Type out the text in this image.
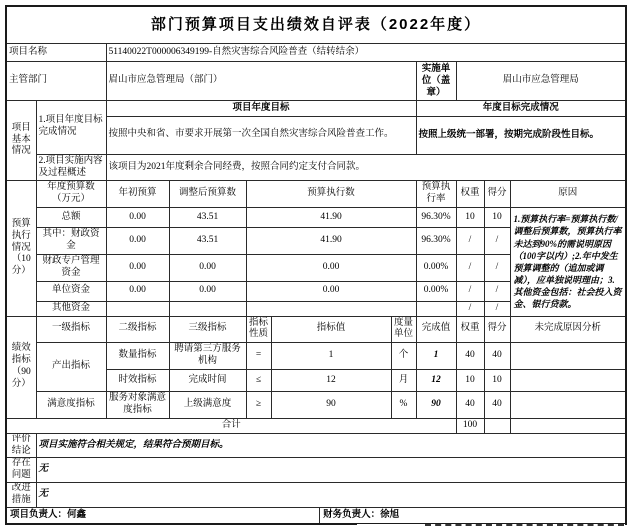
部门预算项目支出绩效自评表（2022年度）										
项目名称		51140022T000006349199-自然灾害综合风险普查（结转结余）								
主管部门		眉山市应急管理局（部门）					实施单位（盖章）	眉山市应急管理局		
项目基本情况	1.项目年度目标完成情况	项目年度目标					年度目标完成情况			
		按照中央和省、市要求开展第一次全国自然灾害综合风险普查工作。					按照上级统一部署，按期完成阶段性目标。			
	2.项目实施内容及过程概述	该项目为2021年度剩余合同经费，按照合同约定支付合同款。								
预算执行情况（10分）	年度预算数（万元）	年初预算	调整后预算数	预算执行数			预算执行率	权重	得分	原因
	总额	0.00	43.51	41.90			96.30%	10	10	1.预算执行率=预算执行数/调整后预算数，预算执行率未达到90%的需说明原因（100字以内）;2.年中发生预算调整的（追加或调减），应单独说明理由；3.其他资金包括：社会投入资金、银行贷款。
	其中：财政资金	0.00	43.51	41.90			96.30%	/	/	
	财政专户管理资金	0.00	0.00	0.00			0.00%	/	/	
	单位资金	0.00	0.00	0.00			0.00%	/	/	
	其他资金							/	/	
绩效指标（90分）	一级指标	二级指标	三级指标	指标性质	指标值	度量单位	完成值	权重	得分	未完成原因分析
	产出指标	数量指标	聘请第三方服务机构	=	1	个	1	40	40	
		时效指标	完成时间	≤	12	月	12	10	10	
	满意度指标	服务对象满意度指标	上级满意度	≥	90	%	90	40	40	
合计								100		
评价结论	项目实施符合相关规定，结果符合预期目标。									
存在问题	无									
改进措施	无									

项目负责人：何鑫 财务负责人：徐旭										
